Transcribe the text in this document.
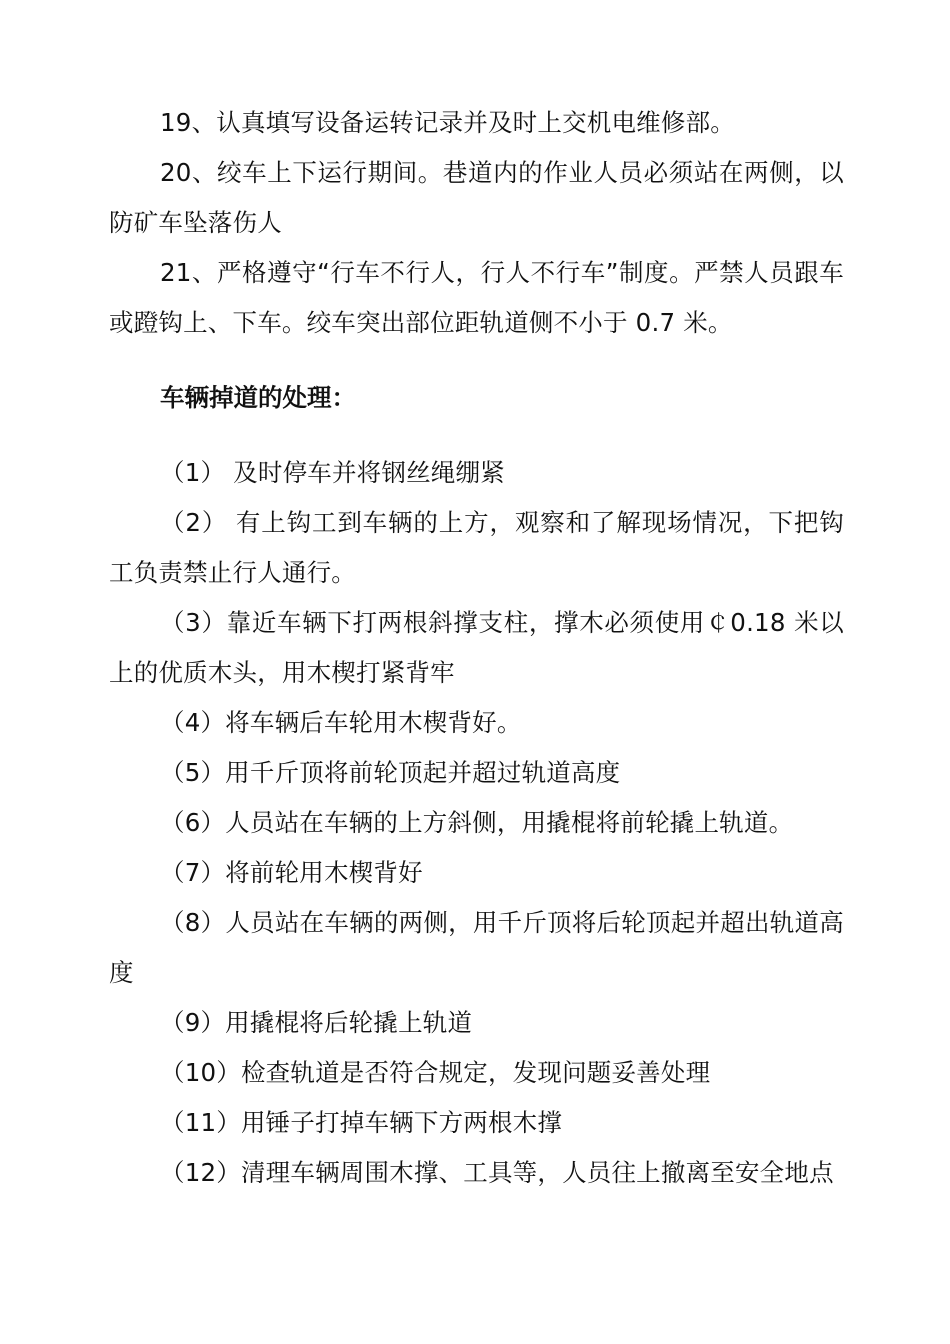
19、认真填写设备运转记录并及时上交机电维修部。

20、绞车上下运行期间。巷道内的作业人员必须站在两侧，以防矿车坠落伤人

21、严格遵守“行车不行人，行人不行车”制度。严禁人员跟车或蹬钩上、下车。绞车突出部位距轨道侧不小于 0.7 米。

车辆掉道的处理：

（1） 及时停车并将钢丝绳绷紧

（2） 有上钩工到车辆的上方，观察和了解现场情况，下把钩工负责禁止行人通行。

（3）靠近车辆下打两根斜撑支柱，撑木必须使用￠0.18 米以上的优质木头，用木楔打紧背牢

（4）将车辆后车轮用木楔背好。

（5）用千斤顶将前轮顶起并超过轨道高度

（6）人员站在车辆的上方斜侧，用撬棍将前轮撬上轨道。

（7）将前轮用木楔背好

（8）人员站在车辆的两侧，用千斤顶将后轮顶起并超出轨道高度

（9）用撬棍将后轮撬上轨道

（10）检查轨道是否符合规定，发现问题妥善处理

（11）用锤子打掉车辆下方两根木撑

（12）清理车辆周围木撑、工具等，人员往上撤离至安全地点
